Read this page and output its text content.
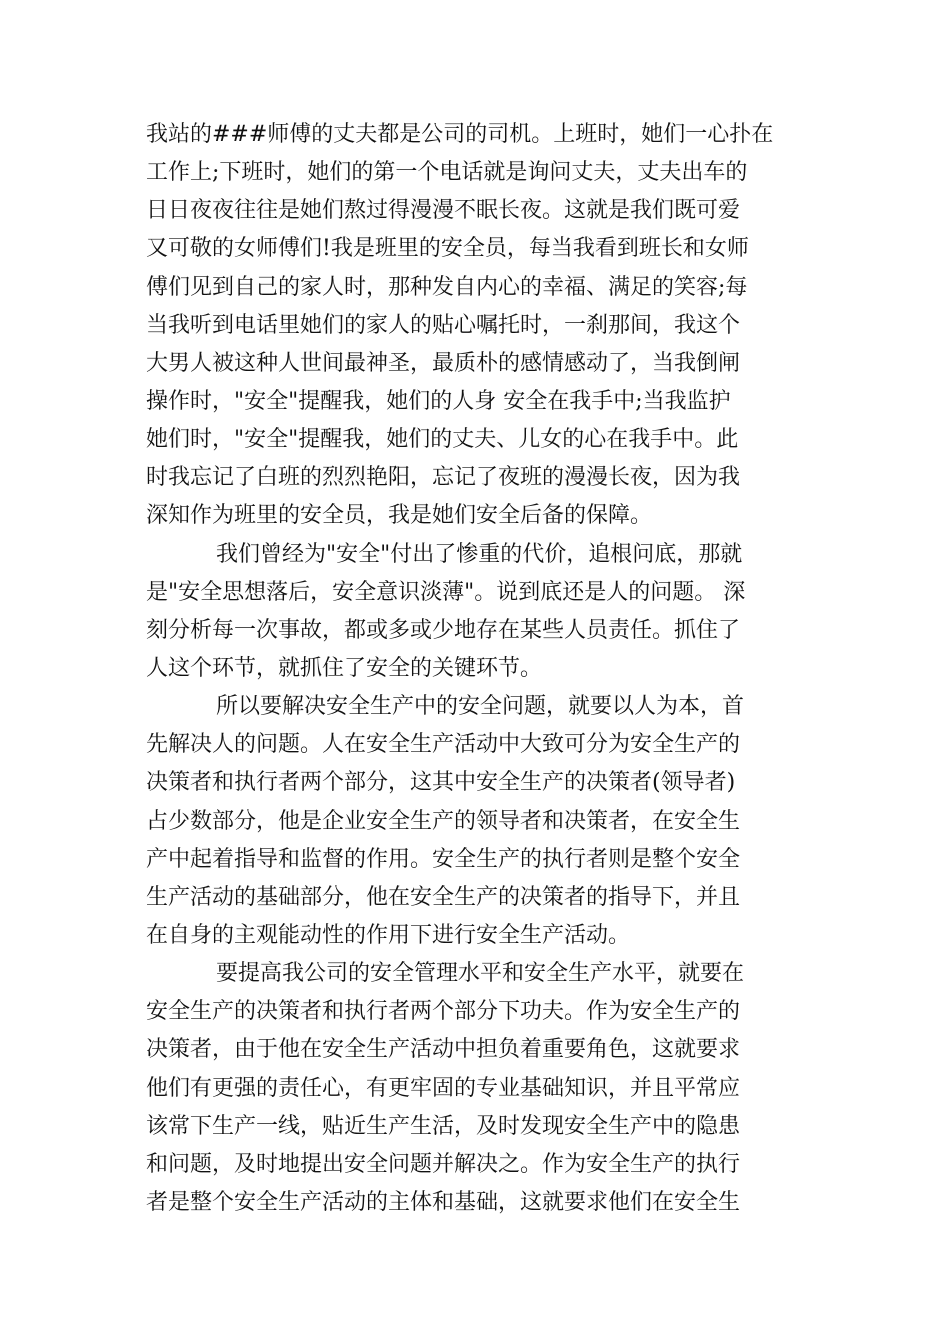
我站的###师傅的丈夫都是公司的司机。上班时，她们一心扑在
工作上;下班时，她们的第一个电话就是询问丈夫，丈夫出车的
日日夜夜往往是她们熬过得漫漫不眠长夜。这就是我们既可爱
又可敬的女师傅们!我是班里的安全员，每当我看到班长和女师
傅们见到自己的家人时，那种发自内心的幸福、满足的笑容;每
当我听到电话里她们的家人的贴心嘱托时，一刹那间，我这个
大男人被这种人世间最神圣，最质朴的感情感动了，当我倒闸
操作时，"安全"提醒我，她们的人身 安全在我手中;当我监护
她们时，"安全"提醒我，她们的丈夫、儿女的心在我手中。此
时我忘记了白班的烈烈艳阳，忘记了夜班的漫漫长夜，因为我
深知作为班里的安全员，我是她们安全后备的保障。
我们曾经为"安全"付出了惨重的代价，追根问底，那就
是"安全思想落后，安全意识淡薄"。说到底还是人的问题。 深
刻分析每一次事故，都或多或少地存在某些人员责任。抓住了
人这个环节，就抓住了安全的关键环节。
所以要解决安全生产中的安全问题，就要以人为本，首
先解决人的问题。人在安全生产活动中大致可分为安全生产的
决策者和执行者两个部分，这其中安全生产的决策者(领导者)
占少数部分，他是企业安全生产的领导者和决策者，在安全生
产中起着指导和监督的作用。安全生产的执行者则是整个安全
生产活动的基础部分，他在安全生产的决策者的指导下，并且
在自身的主观能动性的作用下进行安全生产活动。
要提高我公司的安全管理水平和安全生产水平，就要在
安全生产的决策者和执行者两个部分下功夫。作为安全生产的
决策者，由于他在安全生产活动中担负着重要角色，这就要求
他们有更强的责任心，有更牢固的专业基础知识，并且平常应
该常下生产一线，贴近生产生活，及时发现安全生产中的隐患
和问题，及时地提出安全问题并解决之。作为安全生产的执行
者是整个安全生产活动的主体和基础，这就要求他们在安全生
